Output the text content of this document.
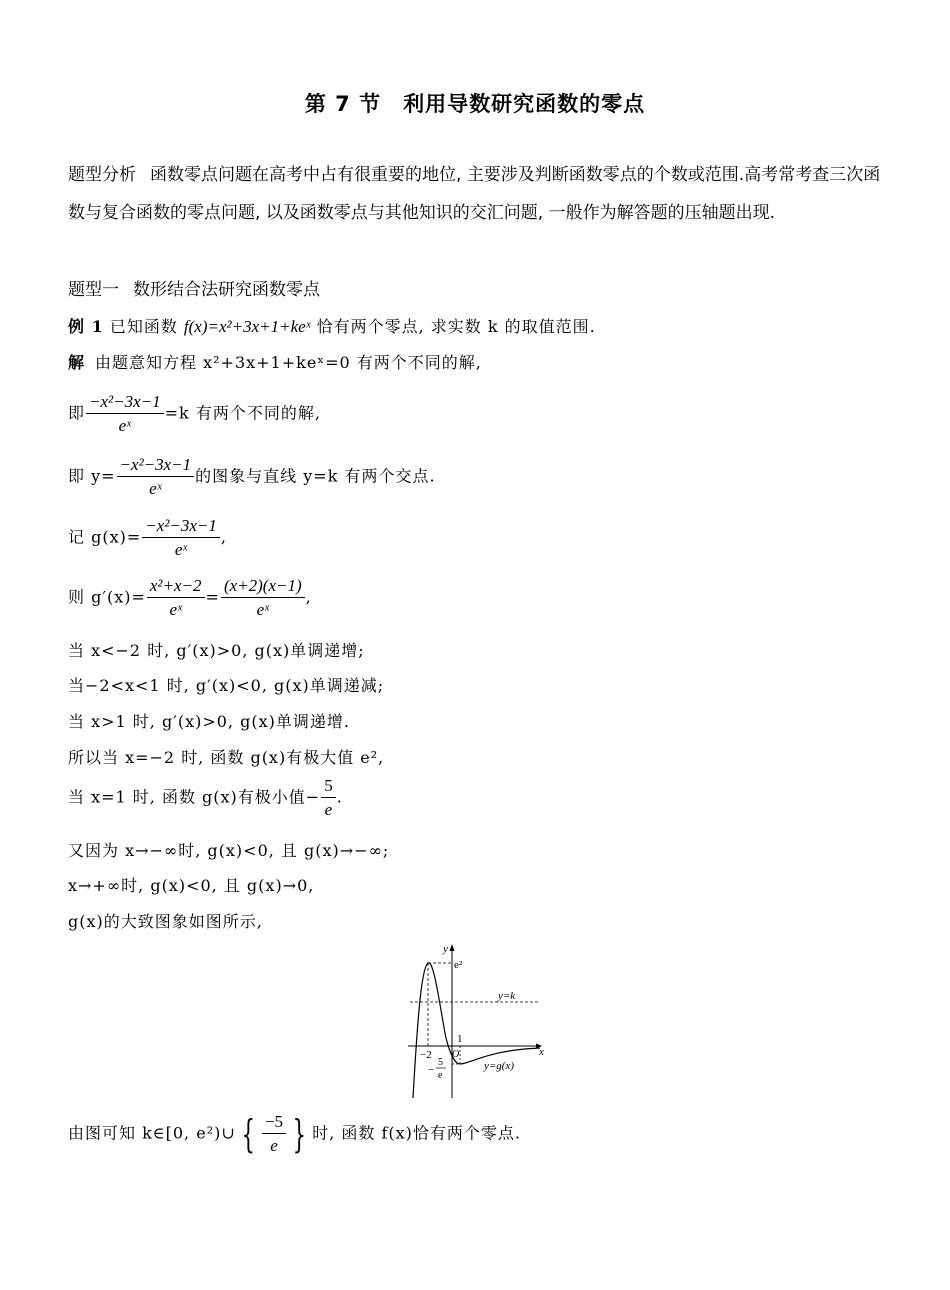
第 7 节　利用导数研究函数的零点
题型分析 函数零点问题在高考中占有很重要的地位, 主要涉及判断函数零点的个数或范围.高考常考查三次函数与复合函数的零点问题, 以及函数零点与其他知识的交汇问题, 一般作为解答题的压轴题出现.
题型一 数形结合法研究函数零点
例 1 已知函数 f(x)=x²+3x+1+keˣ 恰有两个零点, 求实数 k 的取值范围.
解 由题意知方程 x²+3x+1+keˣ=0 有两个不同的解,
即 $\frac{\text{−x²−3x−1}}{\text{eˣ}} =k$ 有两个不同的解,
即 $y= \frac{\text{−x²−3x−1}}{\text{eˣ}}$ 的图象与直线 y=k 有两个交点.
记 $g(x)= \frac{\text{−x²−3x−1}}{\text{eˣ}}$ ,
则 $g'(x)= \frac{\text{x²+x−2}}{\text{eˣ}} = \frac{(x+2)(x-1)}{\text{eˣ}}$ ,
当 x<−2 时, g′(x)>0, g(x)单调递增;
当−2<x<1 时, g′(x)<0, g(x)单调递减;
当 x>1 时, g′(x)>0, g(x)单调递增.
所以当 x=−2 时, 函数 g(x)有极大值 e²,
当 x=1 时, 函数 g(x)有极小值− $\frac{5}{e}$ .
又因为 x→−∞时, g(x)<0, 且 g(x)→−∞;
x→+∞时, g(x)<0, 且 g(x)→0,
g(x)的大致图象如图所示,
y
x
e²
y=k
1
−2 O
−
5
e
y=g(x)
由图可知 k∈[0, e²)∪ { $\frac{-5}{e}$ } 时, 函数 f(x)恰有两个零点.
